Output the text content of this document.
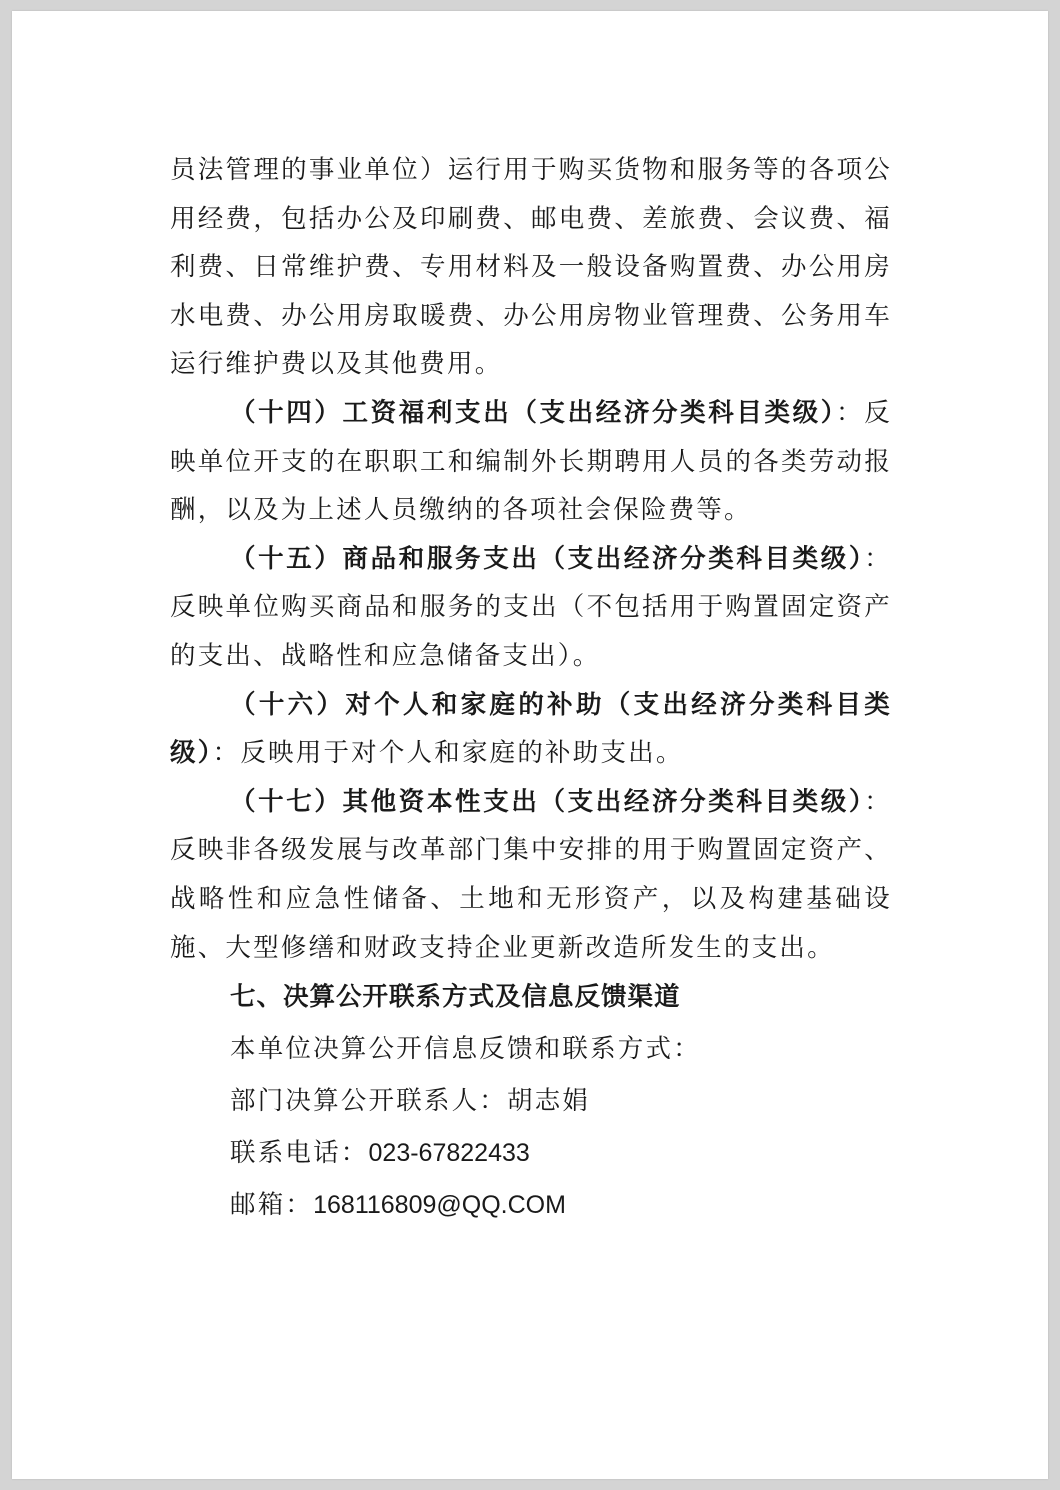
员法管理的事业单位）运行用于购买货物和服务等的各项公用经费，包括办公及印刷费、邮电费、差旅费、会议费、福利费、日常维护费、专用材料及一般设备购置费、办公用房水电费、办公用房取暖费、办公用房物业管理费、公务用车运行维护费以及其他费用。

（十四）工资福利支出（支出经济分类科目类级）：反映单位开支的在职职工和编制外长期聘用人员的各类劳动报酬，以及为上述人员缴纳的各项社会保险费等。

（十五）商品和服务支出（支出经济分类科目类级）：反映单位购买商品和服务的支出（不包括用于购置固定资产的支出、战略性和应急储备支出）。

（十六）对个人和家庭的补助（支出经济分类科目类级）：反映用于对个人和家庭的补助支出。

（十七）其他资本性支出（支出经济分类科目类级）：反映非各级发展与改革部门集中安排的用于购置固定资产、战略性和应急性储备、土地和无形资产，以及构建基础设施、大型修缮和财政支持企业更新改造所发生的支出。

七、决算公开联系方式及信息反馈渠道

本单位决算公开信息反馈和联系方式：

部门决算公开联系人：胡志娟

联系电话：023-67822433

邮箱：168116809@QQ.COM
